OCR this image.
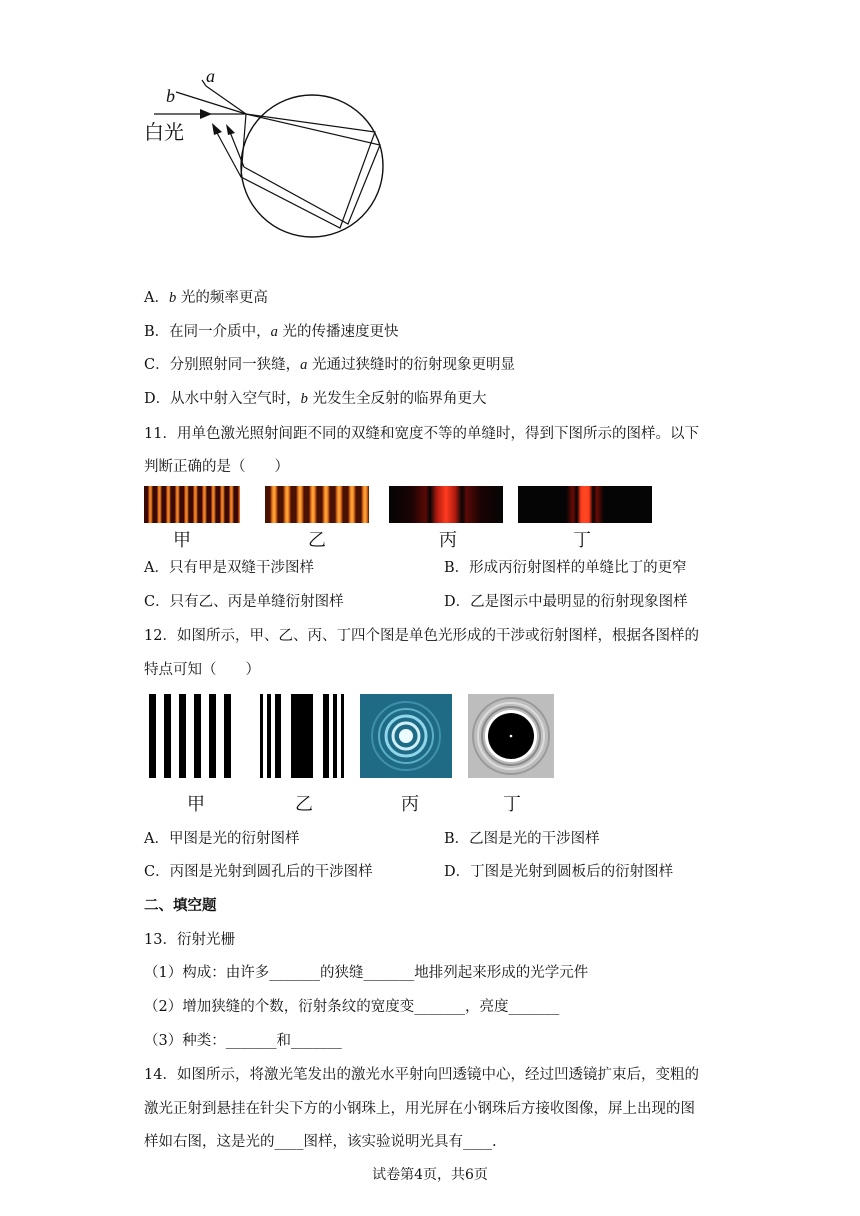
a
b
白光
A．b 光的频率更高
B．在同一介质中，a 光的传播速度更快
C．分别照射同一狭缝，a 光通过狭缝时的衍射现象更明显
D．从水中射入空气时，b 光发生全反射的临界角更大
11．用单色激光照射间距不同的双缝和宽度不等的单缝时，得到下图所示的图样。以下
判断正确的是（　　）
甲	乙	丙	丁
A．只有甲是双缝干涉图样	B．形成丙衍射图样的单缝比丁的更窄
C．只有乙、丙是单缝衍射图样	D．乙是图示中最明显的衍射现象图样
12．如图所示，甲、乙、丙、丁四个图是单色光形成的干涉或衍射图样，根据各图样的
特点可知（　　）
甲	乙	丙	丁
A．甲图是光的衍射图样	B．乙图是光的干涉图样
C．丙图是光射到圆孔后的干涉图样	D．丁图是光射到圆板后的衍射图样
二、填空题
13．衍射光栅
（1）构成：由许多_______的狭缝_______地排列起来形成的光学元件
（2）增加狭缝的个数，衍射条纹的宽度变_______，亮度_______
（3）种类：_______和_______
14．如图所示，将激光笔发出的激光水平射向凹透镜中心，经过凹透镜扩束后，变粗的
激光正射到悬挂在针尖下方的小钢珠上，用光屏在小钢珠后方接收图像，屏上出现的图
样如右图，这是光的____图样，该实验说明光具有____.
试卷第4页，共6页
